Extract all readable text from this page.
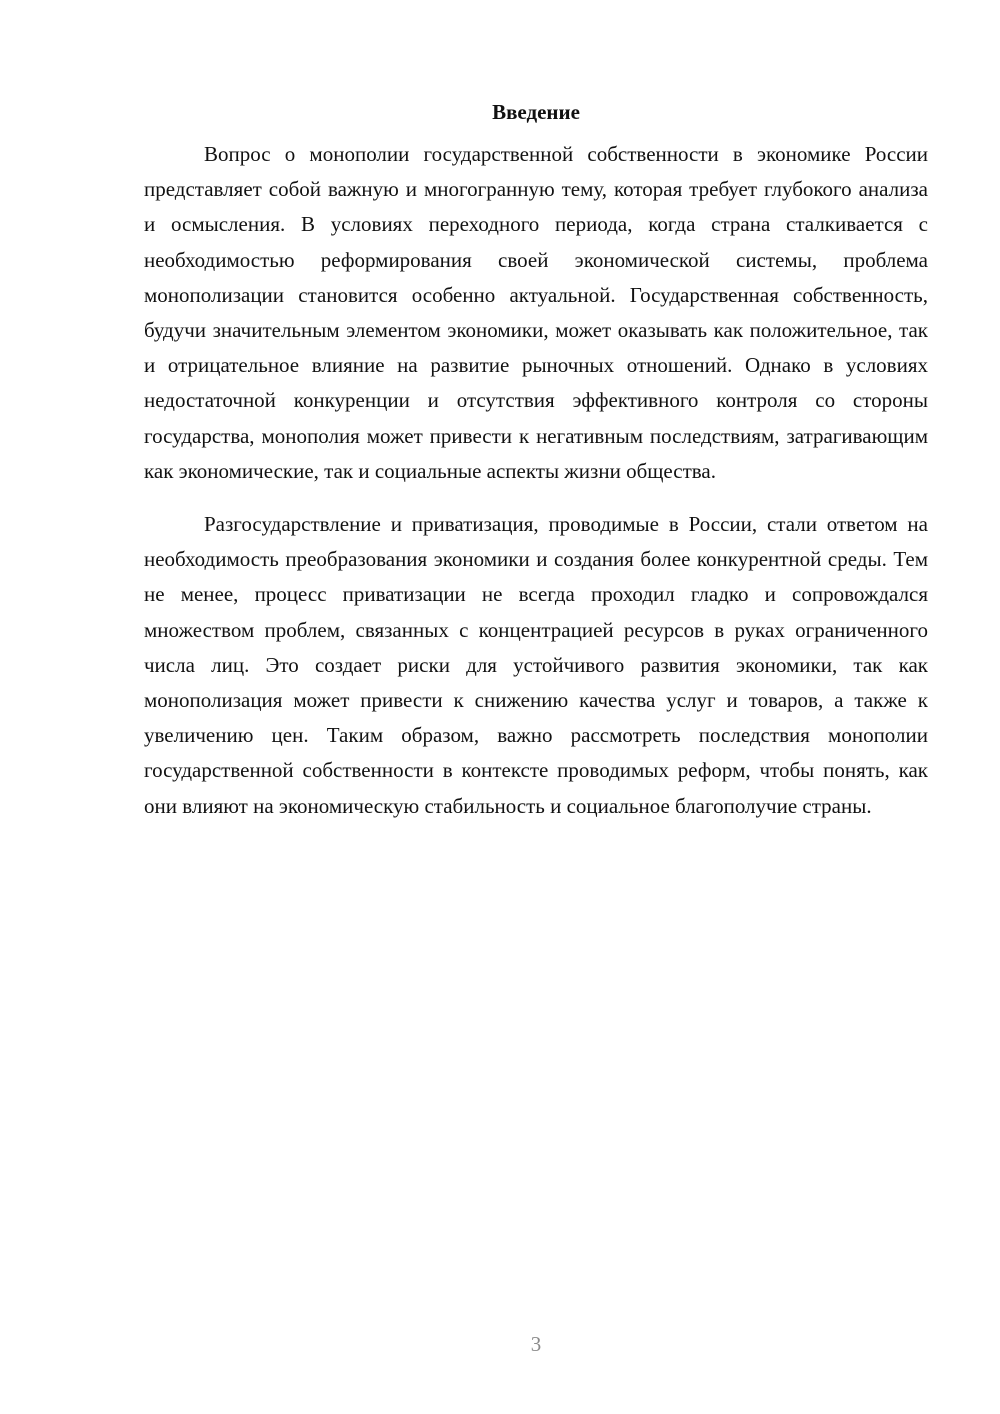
Введение

Вопрос о монополии государственной собственности в экономике России представляет собой важную и многогранную тему, которая требует глубокого анализа и осмысления. В условиях переходного периода, когда страна сталкивается с необходимостью реформирования своей экономической системы, проблема монополизации становится особенно актуальной. Государственная собственность, будучи значительным элементом экономики, может оказывать как положительное, так и отрицательное влияние на развитие рыночных отношений. Однако в условиях недостаточной конкуренции и отсутствия эффективного контроля со стороны государства, монополия может привести к негативным последствиям, затрагивающим как экономические, так и социальные аспекты жизни общества.

Разгосударствление и приватизация, проводимые в России, стали ответом на необходимость преобразования экономики и создания более конкурентной среды. Тем не менее, процесс приватизации не всегда проходил гладко и сопровождался множеством проблем, связанных с концентрацией ресурсов в руках ограниченного числа лиц. Это создает риски для устойчивого развития экономики, так как монополизация может привести к снижению качества услуг и товаров, а также к увеличению цен. Таким образом, важно рассмотреть последствия монополии государственной собственности в контексте проводимых реформ, чтобы понять, как они влияют на экономическую стабильность и социальное благополучие страны.

3
